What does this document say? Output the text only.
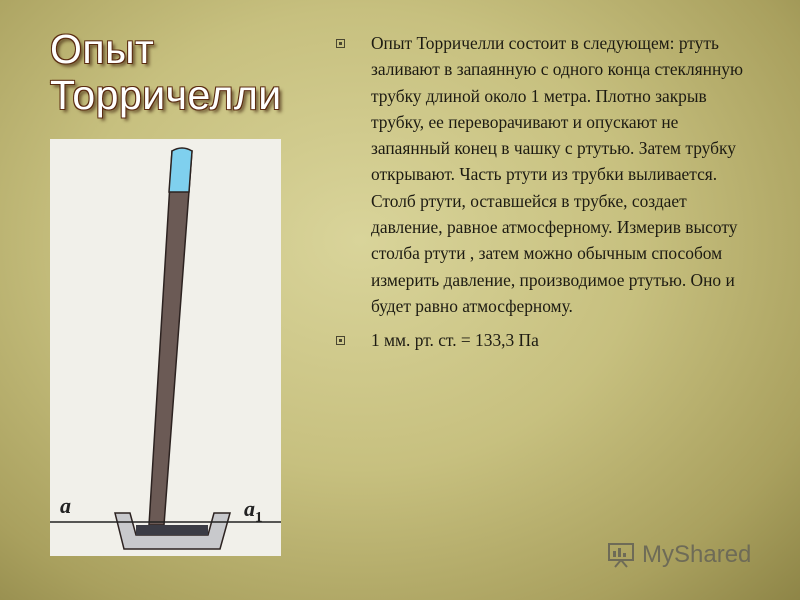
Опыт
Торричелли
a	$a_1$
Опыт Торричелли состоит в следующем: ртуть заливают в запаянную с одного конца стеклянную трубку длиной около 1 метра. Плотно закрыв трубку, ее переворачивают и опускают не запаянный конец в чашку с ртутью. Затем трубку открывают. Часть ртути из трубки выливается. Столб ртути, оставшейся в трубке, создает давление, равное атмосферному. Измерив высоту столба ртути , затем можно обычным способом измерить давление, производимое ртутью. Оно и будет равно атмосферному.
1 мм. рт. ст. = 133,3 Па
MyShared
